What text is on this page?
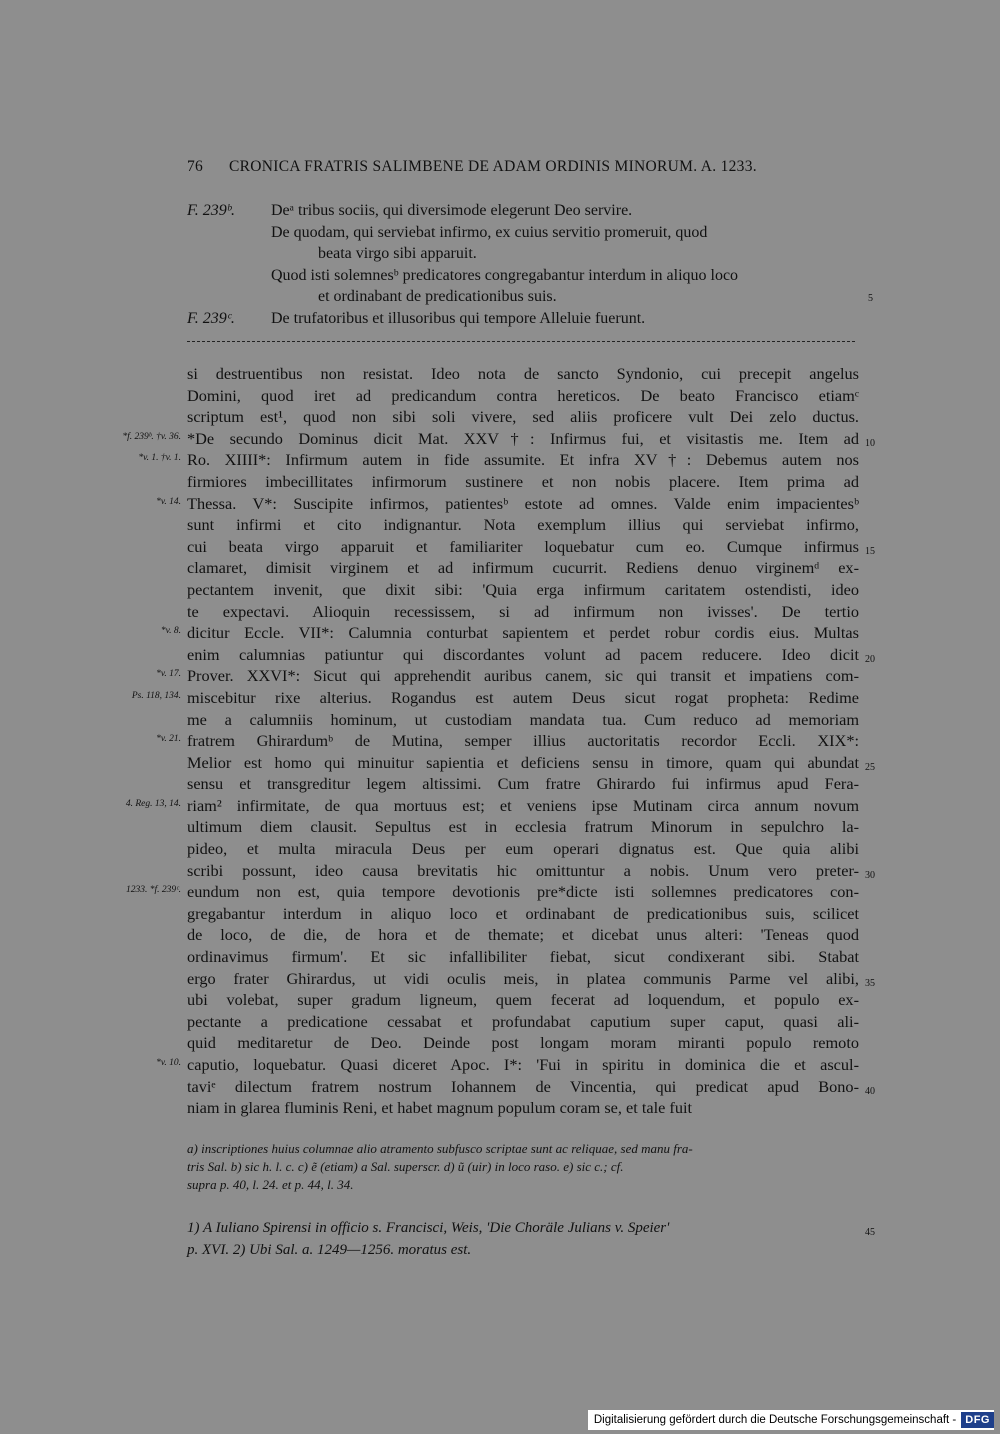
76 CRONICA FRATRIS SALIMBENE DE ADAM ORDINIS MINORUM. A. 1233.
F. 239ᵇ. Deᵃ tribus sociis, qui diversimode elegerunt Deo servire.
De quodam, qui serviebat infirmo, ex cuius servitio promeruit, quod
beata virgo sibi apparuit.
Quod isti solemnesᵇ predicatores congregabantur interdum in aliquo loco
et ordinabant de predicationibus suis.	5
F. 239ᶜ. De trufatoribus et illusoribus qui tempore Alleluie fuerunt.
si destruentibus non resistat. Ideo nota de sancto Syndonio, cui precepit angelus
Domini, quod iret ad predicandum contra hereticos. De beato Francisco etiamᶜ
scriptum est¹, quod non sibi soli vivere, sed aliis proficere vult Dei zelo ductus.
*De secundo Dominus dicit Mat. XXV†: Infirmus fui, et visitastis me. Item ad
*f. 239ᵇ. †v. 36.
10
Ro. XIIII*: Infirmum autem in fide assumite. Et infra XV†: Debemus autem nos
*v. 1. †v. 1.
firmiores imbecillitates infirmorum sustinere et non nobis placere. Item prima ad
Thessa. V*: Suscipite infirmos, patientesᵇ estote ad omnes. Valde enim impacientesᵇ
*v. 14.
sunt infirmi et cito indignantur. Nota exemplum illius qui serviebat infirmo,
cui beata virgo apparuit et familiariter loquebatur cum eo. Cumque infirmus 15
clamaret, dimisit virginem et ad infirmum cucurrit. Rediens denuo virginemᵈ ex-
pectantem invenit, que dixit sibi: 'Quia erga infirmum caritatem ostendisti, ideo
te expectavi. Alioquin recessissem, si ad infirmum non ivisses'. De tertio
dicitur Eccle. VII*: Calumnia conturbat sapientem et perdet robur cordis eius. Multas
*v. 8.
enim calumnias patiuntur qui discordantes volunt ad pacem reducere. Ideo dicit 20
Prover. XXVI*: Sicut qui apprehendit auribus canem, sic qui transit et impatiens com-
*v. 17.
miscebitur rixe alterius. Rogandus est autem Deus sicut rogat propheta: Redime
Ps. 118, 134.
me a calumniis hominum, ut custodiam mandata tua. Cum reduco ad memoriam
fratrem Ghirardumᵇ de Mutina, semper illius auctoritatis recordor Eccli. XIX*:
*v. 21.
Melior est homo qui minuitur sapientia et deficiens sensu in timore, quam qui abundat 25
sensu et transgreditur legem altissimi. Cum fratre Ghirardo fui infirmus apud Fera-
riam² infirmitate, de qua mortuus est; et veniens ipse Mutinam circa annum novum
4. Reg. 13, 14.
ultimum diem clausit. Sepultus est in ecclesia fratrum Minorum in sepulchro la-
pideo, et multa miracula Deus per eum operari dignatus est. Que quia alibi
scribi possunt, ideo causa brevitatis hic omittuntur a nobis. Unum vero preter- 30
eundum non est, quia tempore devotionis pre*dicte isti sollemnes predicatores con-
1233. *f. 239ᶜ.
gregabantur interdum in aliquo loco et ordinabant de predicationibus suis, scilicet
de loco, de die, de hora et de themate; et dicebat unus alteri: 'Teneas quod
ordinavimus firmum'. Et sic infallibiliter fiebat, sicut condixerant sibi. Stabat
ergo frater Ghirardus, ut vidi oculis meis, in platea communis Parme vel alibi, 35
ubi volebat, super gradum ligneum, quem fecerat ad loquendum, et populo ex-
pectante a predicatione cessabat et profundabat caputium super caput, quasi ali-
quid meditaretur de Deo. Deinde post longam moram miranti populo remoto
caputio, loquebatur. Quasi diceret Apoc. I*: 'Fui in spiritu in dominica die et ascul-
*v. 10.
taviᵉ dilectum fratrem nostrum Iohannem de Vincentia, qui predicat apud Bono- 40
niam in glarea fluminis Reni, et habet magnum populum coram se, et tale fuit
a) inscriptiones huius columnae alio atramento subfusco scriptae sunt ac reliquae, sed manu fra-
tris Sal. b) sic h. l. c. c) ẽ (etiam) a Sal. superscr. d) ũ (uir) in loco raso. e) sic c.; cf.
supra p. 40, l. 24. et p. 44, l. 34.
1) A Iuliano Spirensi in officio s. Francisci, Weis, 'Die Choräle Julians v. Speier'	45
p. XVI. 2) Ubi Sal. a. 1249—1256. moratus est.
Digitalisierung gefördert durch die Deutsche Forschungsgemeinschaft - DFG
